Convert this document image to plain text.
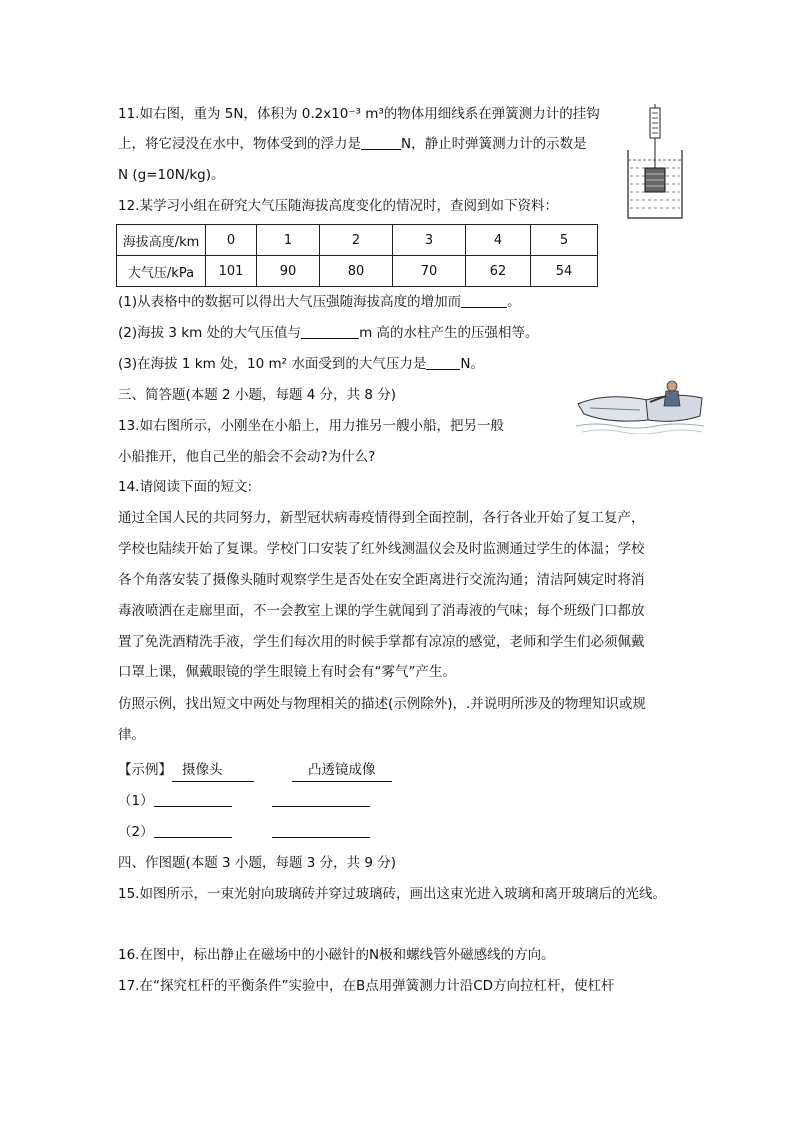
11.如右图，重为 5N，体积为 0.2x10⁻³ m³的物体用细线系在弹簧测力计的挂钩
上，将它浸没在水中，物体受到的浮力是	N，静止时弹簧测力计的示数是
N (g=10N/kg)。
12.某学习小组在研究大气压随海拔高度变化的情况时，查阅到如下资料：
海拔高度/km	0	1	2	3	4	5
大气压/kPa	101	90	80	70	62	54
(1)从表格中的数据可以得出大气压强随海拔高度的增加而	。
(2)海拔 3 km 处的大气压值与	m 高的水柱产生的压强相等。
(3)在海拔 1 km 处，10 m² 水面受到的大气压力是	N。
三、简答题(本题 2 小题，每题 4 分，共 8 分)
13.如右图所示，小刚坐在小船上，用力推另一艘小船，把另一般
小船推开，他自己坐的船会不会动?为什么?
14.请阅读下面的短文:
通过全国人民的共同努力，新型冠状病毒疫情得到全面控制，各行各业开始了复工复产，
学校也陆续开始了复课。学校门口安装了红外线测温仪会及时监测通过学生的体温；学校
各个角落安装了摄像头随时观察学生是否处在安全距离进行交流沟通；清洁阿姨定时将消
毒液喷洒在走廊里面，不一会教室上课的学生就闻到了消毒液的气味；每个班级门口都放
置了免洗酒精洗手液，学生们每次用的时候手掌都有凉凉的感觉，老师和学生们必须佩戴
口罩上课，佩戴眼镜的学生眼镜上有时会有“雾气”产生。
仿照示例，找出短文中两处与物理相关的描述(示例除外)，.并说明所涉及的物理知识或规
律。
【示例】 摄像头	凸透镜成像
（1）
（2）
四、作图题(本题 3 小题，每题 3 分，共 9 分)
15.如图所示，一束光射向玻璃砖并穿过玻璃砖，画出这束光进入玻璃和离开玻璃后的光线。
16.在图中，标出静止在磁场中的小磁针的N极和螺线管外磁感线的方向。
17.在“探究杠杆的平衡条件”实验中，在B点用弹簧测力计沿CD方向拉杠杆，使杠杆
